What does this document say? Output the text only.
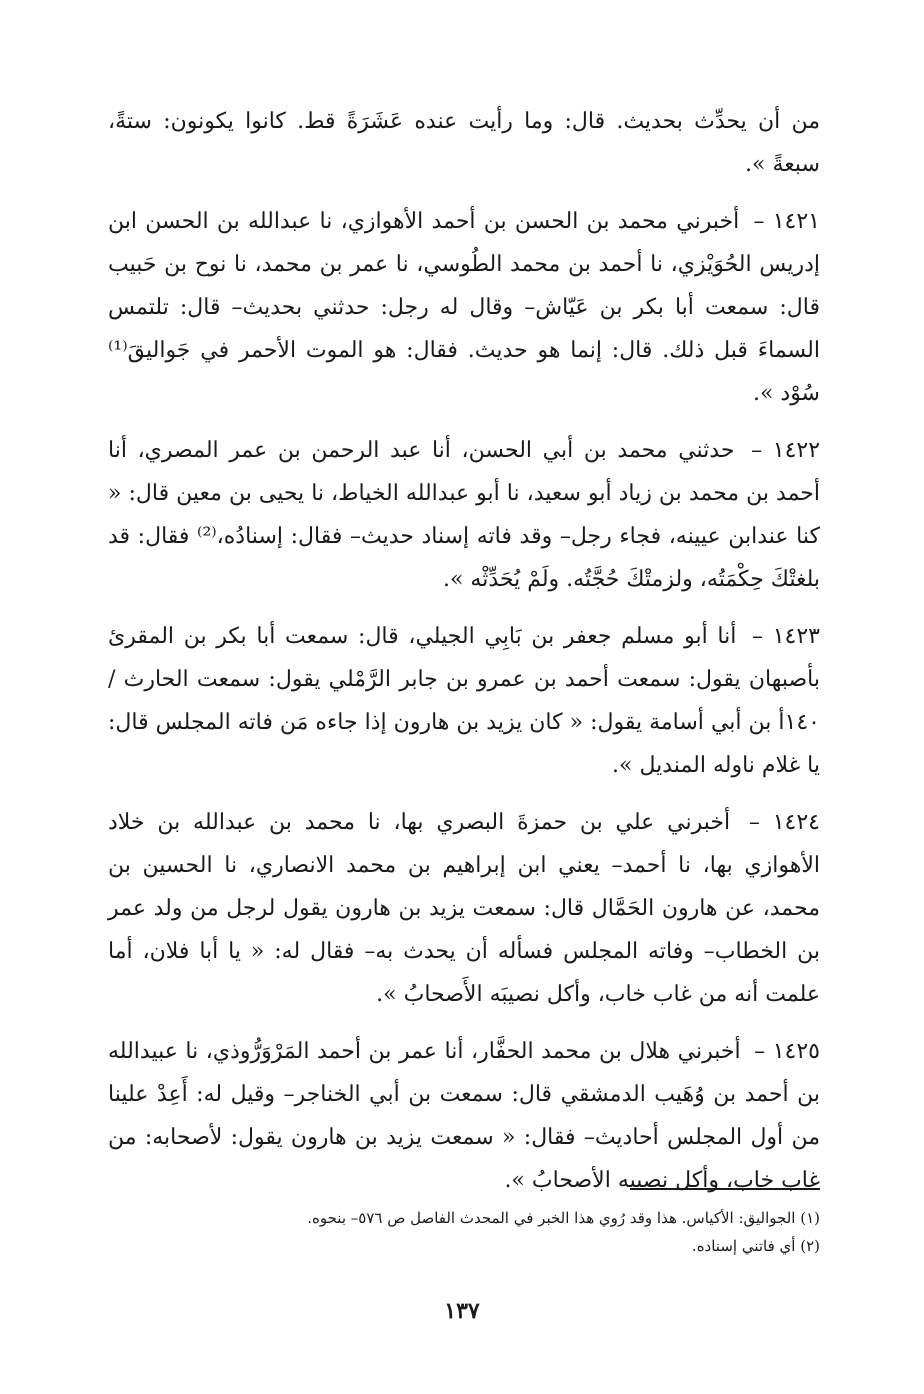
من أن يحدِّث بحديث. قال: وما رأيت عنده عَشَرَةً قط. كانوا يكونون: ستةً، سبعةً ».

١٤٢١ – أخبرني محمد بن الحسن بن أحمد الأهوازي، نا عبدالله بن الحسن ابن إدريس الحُوَيْزي، نا أحمد بن محمد الطُوسي، نا عمر بن محمد، نا نوح بن حَبيب قال: سمعت أبا بكر بن عَيّاش– وقال له رجل: حدثني بحديث– قال: تلتمس السماءَ قبل ذلك. قال: إنما هو حديث. فقال: هو الموت الأحمر في جَواليقَ⁽¹⁾ سُوْد ».

١٤٢٢ – حدثني محمد بن أبي الحسن، أنا عبد الرحمن بن عمر المصري، أنا أحمد بن محمد بن زياد أبو سعيد، نا أبو عبدالله الخياط، نا يحيى بن معين قال: « كنا عندابن عيينه، فجاء رجل– وقد فاته إسناد حديث– فقال: إسنادُه،⁽²⁾ فقال: قد بلغتْكَ حِكْمَتُه، ولزمتْكَ حُجَّتُه. ولَمْ يُحَدِّثْه ».

١٤٢٣ – أنا أبو مسلم جعفر بن بَابِي الجيلي، قال: سمعت أبا بكر بن المقرئ بأصبهان يقول: سمعت أحمد بن عمرو بن جابر الرَّمْلي يقول: سمعت الحارث /١٤٠أ بن أبي أسامة يقول: « كان يزيد بن هارون إذا جاءه مَن فاته المجلس قال: يا غلام ناوله المنديل ».

١٤٢٤ – أخبرني علي بن حمزةَ البصري بها، نا محمد بن عبدالله بن خلاد الأهوازي بها، نا أحمد– يعني ابن إبراهيم بن محمد الانصاري، نا الحسين بن محمد، عن هارون الحَمَّال قال: سمعت يزيد بن هارون يقول لرجل من ولد عمر بن الخطاب– وفاته المجلس فسأله أن يحدث به– فقال له: « يا أبا فلان، أما علمت أنه من غاب خاب، وأكل نصيبَه الأَصحابُ ».

١٤٢٥ – أخبرني هلال بن محمد الحفَّار، أنا عمر بن أحمد المَرْوَرُّوذي، نا عبيدالله بن أحمد بن وُهَيب الدمشقي قال: سمعت بن أبي الخناجر– وقيل له: أَعِدْ علينا من أول المجلس أحاديث– فقال: « سمعت يزيد بن هارون يقول: لأصحابه: من غاب خاب، وأكل نصيبه الأصحابُ ».

(١) الجواليق: الأكياس. هذا وقد رُوي هذا الخبر في المحدث الفاصل ص ٥٧٦– بنحوه.

(٢) أي فاتني إسناده.

١٣٧
